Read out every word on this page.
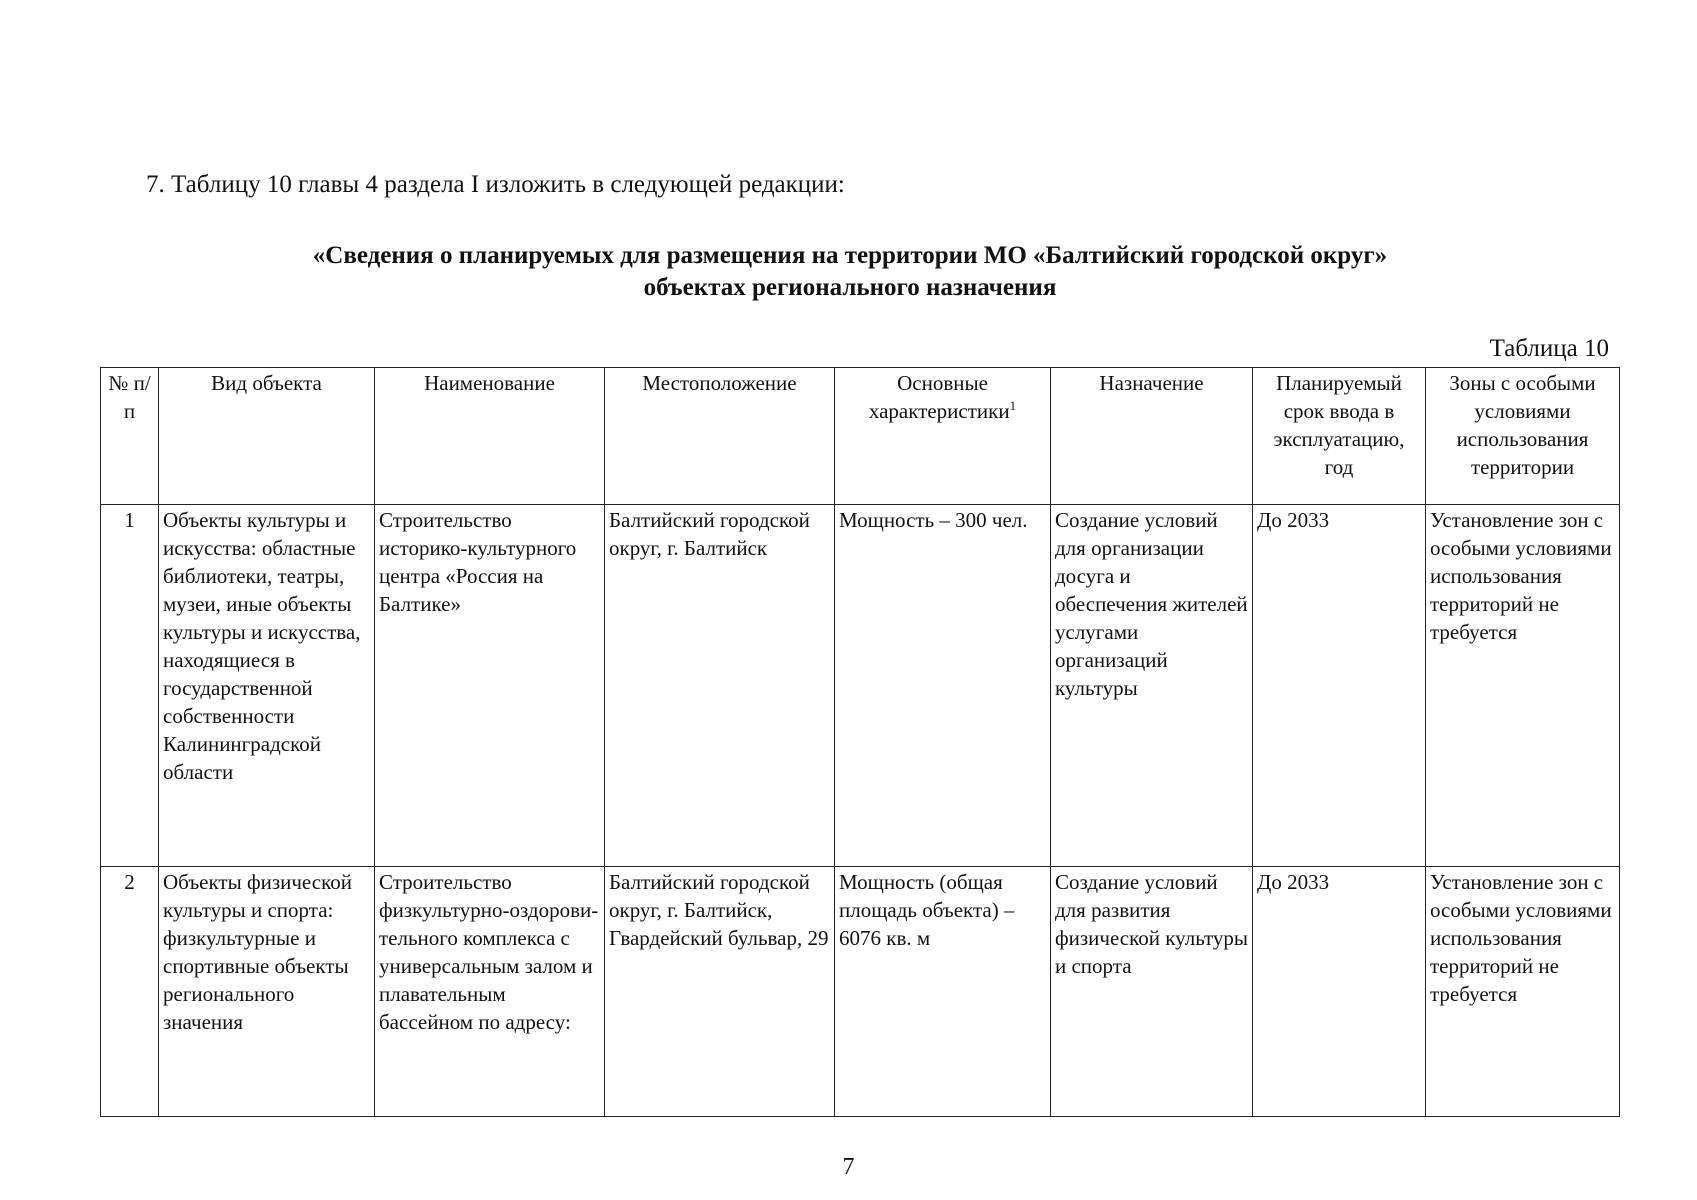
7. Таблицу 10 главы 4 раздела I изложить в следующей редакции:
«Сведения о планируемых для размещения на территории МО «Балтийский городской округ»
объектах регионального назначения
Таблица 10
№ п/п	Вид объекта	Наименование	Местоположение	Основные характеристики$^1$	Назначение	Планируемый срок ввода в эксплуатацию, год	Зоны с особыми условиями использования территории
1	Объекты культуры и искусства: областные библиотеки, театры, музеи, иные объекты культуры и искусства, находящиеся в государственной собственности Калининградской области	Строительство историко-культурного центра «Россия на Балтике»	Балтийский городской округ, г. Балтийск	Мощность – 300 чел.	Создание условий для организации досуга и обеспечения жителей услугами организаций культуры	До 2033	Установление зон с особыми условиями использования территорий не требуется
2	Объекты физической культуры и спорта: физкультурные и спортивные объекты регионального значения	Строительство физкультурно-оздорови-тельного комплекса с универсальным залом и плавательным бассейном по адресу:	Балтийский городской округ, г. Балтийск, Гвардейский бульвар, 29	Мощность (общая площадь объекта) – 6076 кв. м	Создание условий для развития физической культуры и спорта	До 2033	Установление зон с особыми условиями использования территорий не требуется
7
